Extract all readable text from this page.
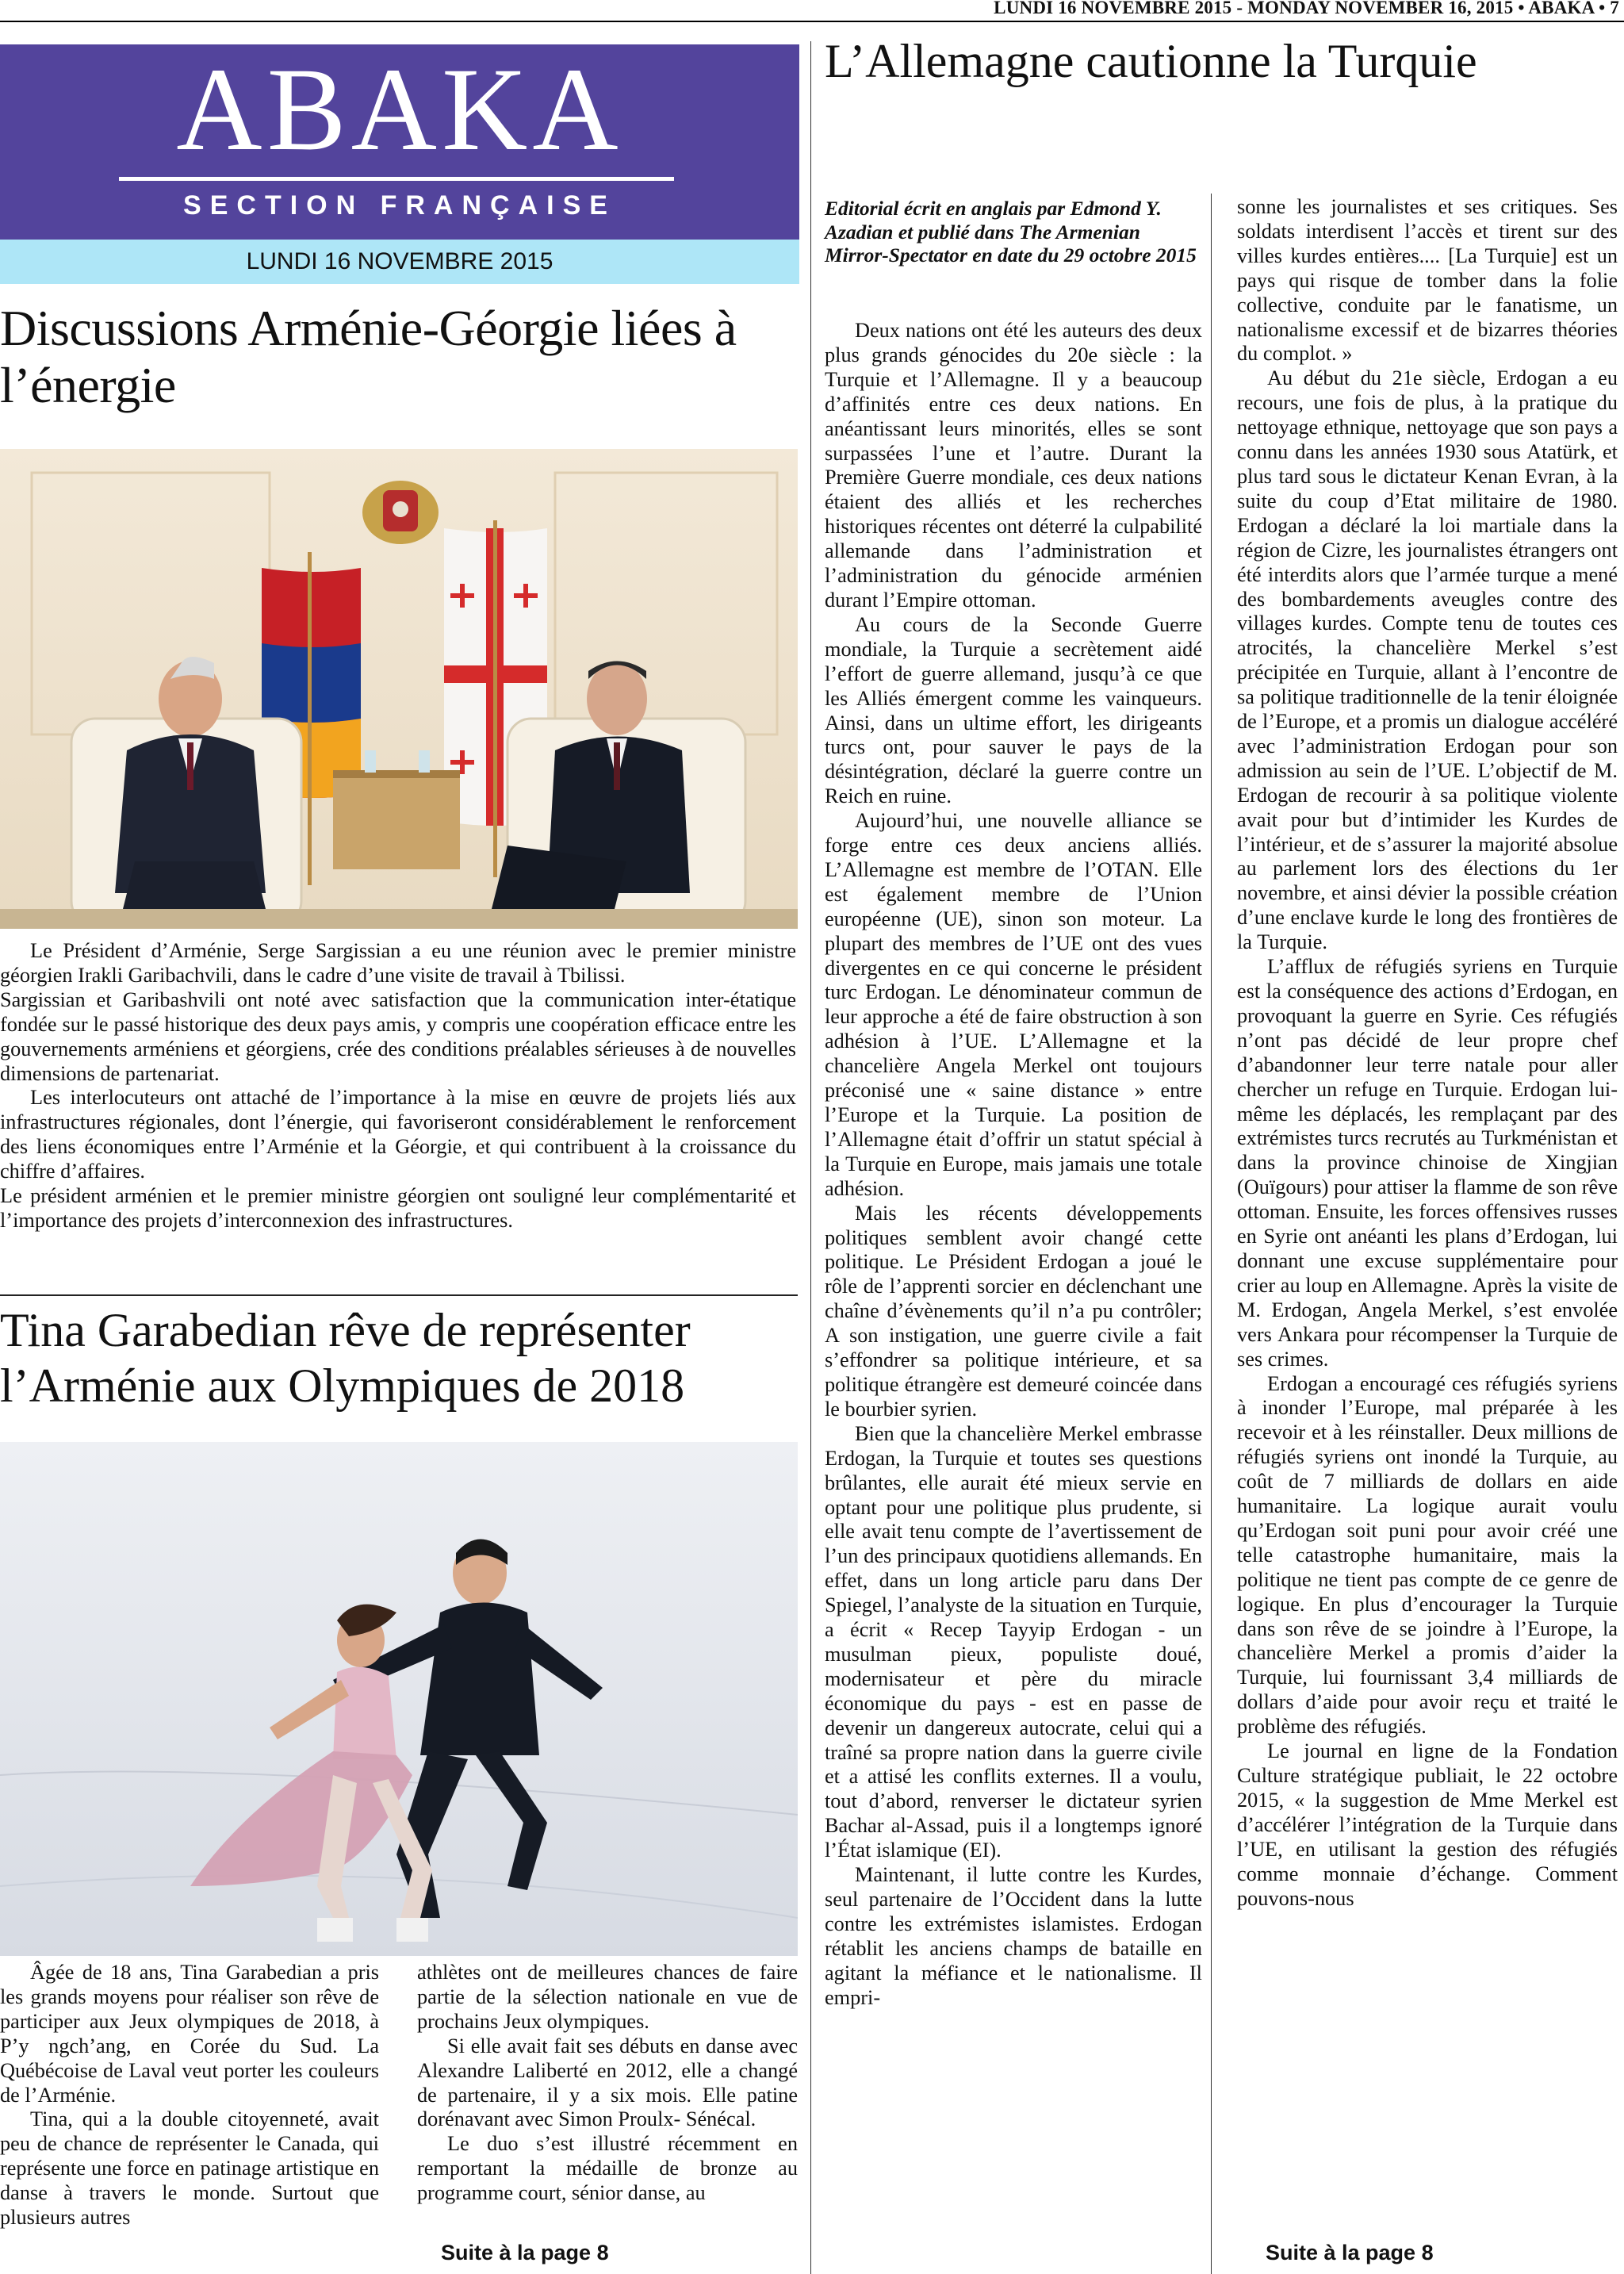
LUNDI 16 NOVEMBRE 2015 - MONDAY NOVEMBER 16, 2015 • ABAKA • 7
ABAKA
SECTION FRANÇAISE
LUNDI 16 NOVEMBRE 2015
Discussions Arménie-Géorgie liées à l’énergie

Le Président d’Arménie, Serge Sargissian a eu une réunion avec le premier ministre géorgien Irakli Garibachvili, dans le cadre d’une visite de travail à Tbilissi.

Sargissian et Garibashvili ont noté avec satisfaction que la communication inter-étatique fondée sur le passé historique des deux pays amis, y compris une coopération efficace entre les gouvernements arméniens et géorgiens, crée des conditions préalables sérieuses à de nouvelles dimensions de partenariat.

Les interlocuteurs ont attaché de l’importance à la mise en œuvre de projets liés aux infrastructures régionales, dont l’énergie, qui favoriseront considérablement le renforcement des liens économiques entre l’Arménie et la Géorgie, et qui contribuent à la croissance du chiffre d’affaires.

Le président arménien et le premier ministre géorgien ont souligné leur complémentarité et l’importance des projets d’interconnexion des infrastructures.

Tina Garabedian rêve de représenter l’Arménie aux Olympiques de 2018

Âgée de 18 ans, Tina Garabedian a pris les grands moyens pour réaliser son rêve de participer aux Jeux olympiques de 2018, à P’y ngch’ang, en Corée du Sud. La Québécoise de Laval veut porter les couleurs de l’Arménie.

Tina, qui a la double citoyenneté, avait peu de chance de représenter le Canada, qui représente une force en patinage artistique en danse à travers le monde. Surtout que plusieurs autres

athlètes ont de meilleures chances de faire partie de la sélection nationale en vue de prochains Jeux olympiques.

Si elle avait fait ses débuts en danse avec Alexandre Laliberté en 2012, elle a changé de partenaire, il y a six mois. Elle patine dorénavant avec Simon Proulx- Sénécal.

Le duo s’est illustré récemment en remportant la médaille de bronze au programme court, sénior danse, au

Suite à la page 8
L’Allemagne cautionne la Turquie
Editorial écrit en anglais par Edmond Y. Azadian et publié dans The Armenian Mirror-Spectator en date du 29 octobre 2015

Deux nations ont été les auteurs des deux plus grands génocides du 20e siècle : la Turquie et l’Allemagne. Il y a beaucoup d’affinités entre ces deux nations. En anéantissant leurs minorités, elles se sont surpassées l’une et l’autre. Durant la Première Guerre mondiale, ces deux nations étaient des alliés et les recherches historiques récentes ont déterré la culpabilité allemande dans l’administration et l’administration du génocide arménien durant l’Empire ottoman.

Au cours de la Seconde Guerre mondiale, la Turquie a secrètement aidé l’effort de guerre allemand, jusqu’à ce que les Alliés émergent comme les vainqueurs. Ainsi, dans un ultime effort, les dirigeants turcs ont, pour sauver le pays de la désintégration, déclaré la guerre contre un Reich en ruine.

Aujourd’hui, une nouvelle alliance se forge entre ces deux anciens alliés. L’Allemagne est membre de l’OTAN. Elle est également membre de l’Union européenne (UE), sinon son moteur. La plupart des membres de l’UE ont des vues divergentes en ce qui concerne le président turc Erdogan. Le dénominateur commun de leur approche a été de faire obstruction à son adhésion à l’UE. L’Allemagne et la chancelière Angela Merkel ont toujours préconisé une « saine distance » entre l’Europe et la Turquie. La position de l’Allemagne était d’offrir un statut spécial à la Turquie en Europe, mais jamais une totale adhésion.

Mais les récents développements politiques semblent avoir changé cette politique. Le Président Erdogan a joué le rôle de l’apprenti sorcier en déclenchant une chaîne d’évènements qu’il n’a pu contrôler; A son instigation, une guerre civile a fait s’effondrer sa politique intérieure, et sa politique étrangère est demeuré coincée dans le bourbier syrien.

Bien que la chancelière Merkel embrasse Erdogan, la Turquie et toutes ses questions brûlantes, elle aurait été mieux servie en optant pour une politique plus prudente, si elle avait tenu compte de l’avertissement de l’un des principaux quotidiens allemands. En effet, dans un long article paru dans Der Spiegel, l’analyste de la situation en Turquie, a écrit « Recep Tayyip Erdogan - un musulman pieux, populiste doué, modernisateur et père du miracle économique du pays - est en passe de devenir un dangereux autocrate, celui qui a traîné sa propre nation dans la guerre civile et a attisé les conflits externes. Il a voulu, tout d’abord, renverser le dictateur syrien Bachar al-Assad, puis il a longtemps ignoré l’État islamique (EI).

Maintenant, il lutte contre les Kurdes, seul partenaire de l’Occident dans la lutte contre les extrémistes islamistes. Erdogan rétablit les anciens champs de bataille en agitant la méfiance et le nationalisme. Il empri-

sonne les journalistes et ses critiques. Ses soldats interdisent l’accès et tirent sur des villes kurdes entières.... [La Turquie] est un pays qui risque de tomber dans la folie collective, conduite par le fanatisme, un nationalisme excessif et de bizarres théories du complot. »

Au début du 21e siècle, Erdogan a eu recours, une fois de plus, à la pratique du nettoyage ethnique, nettoyage que son pays a connu dans les années 1930 sous Atatürk, et plus tard sous le dictateur Kenan Evran, à la suite du coup d’Etat militaire de 1980. Erdogan a déclaré la loi martiale dans la région de Cizre, les journalistes étrangers ont été interdits alors que l’armée turque a mené des bombardements aveugles contre des villages kurdes. Compte tenu de toutes ces atrocités, la chancelière Merkel s’est précipitée en Turquie, allant à l’encontre de sa politique traditionnelle de la tenir éloignée de l’Europe, et a promis un dialogue accéléré avec l’administration Erdogan pour son admission au sein de l’UE. L’objectif de M. Erdogan de recourir à sa politique violente avait pour but d’intimider les Kurdes de l’intérieur, et de s’assurer la majorité absolue au parlement lors des élections du 1er novembre, et ainsi dévier la possible création d’une enclave kurde le long des frontières de la Turquie.

L’afflux de réfugiés syriens en Turquie est la conséquence des actions d’Erdogan, en provoquant la guerre en Syrie. Ces réfugiés n’ont pas décidé de leur propre chef d’abandonner leur terre natale pour aller chercher un refuge en Turquie. Erdogan lui-même les déplacés, les remplaçant par des extrémistes turcs recrutés au Turkménistan et dans la province chinoise de Xingjian (Ouïgours) pour attiser la flamme de son rêve ottoman. Ensuite, les forces offensives russes en Syrie ont anéanti les plans d’Erdogan, lui donnant une excuse supplémentaire pour crier au loup en Allemagne. Après la visite de M. Erdogan, Angela Merkel, s’est envolée vers Ankara pour récompenser la Turquie de ses crimes.

Erdogan a encouragé ces réfugiés syriens à inonder l’Europe, mal préparée à les recevoir et à les réinstaller. Deux millions de réfugiés syriens ont inondé la Turquie, au coût de 7 milliards de dollars en aide humanitaire. La logique aurait voulu qu’Erdogan soit puni pour avoir créé une telle catastrophe humanitaire, mais la politique ne tient pas compte de ce genre de logique. En plus d’encourager la Turquie dans son rêve de se joindre à l’Europe, la chancelière Merkel a promis d’aider la Turquie, lui fournissant 3,4 milliards de dollars d’aide pour avoir reçu et traité le problème des réfugiés.

Le journal en ligne de la Fondation Culture stratégique publiait, le 22 octobre 2015, « la suggestion de Mme Merkel est d’accélérer l’intégration de la Turquie dans l’UE, en utilisant la gestion des réfugiés comme monnaie d’échange. Comment pouvons-nous

Suite à la page 8
